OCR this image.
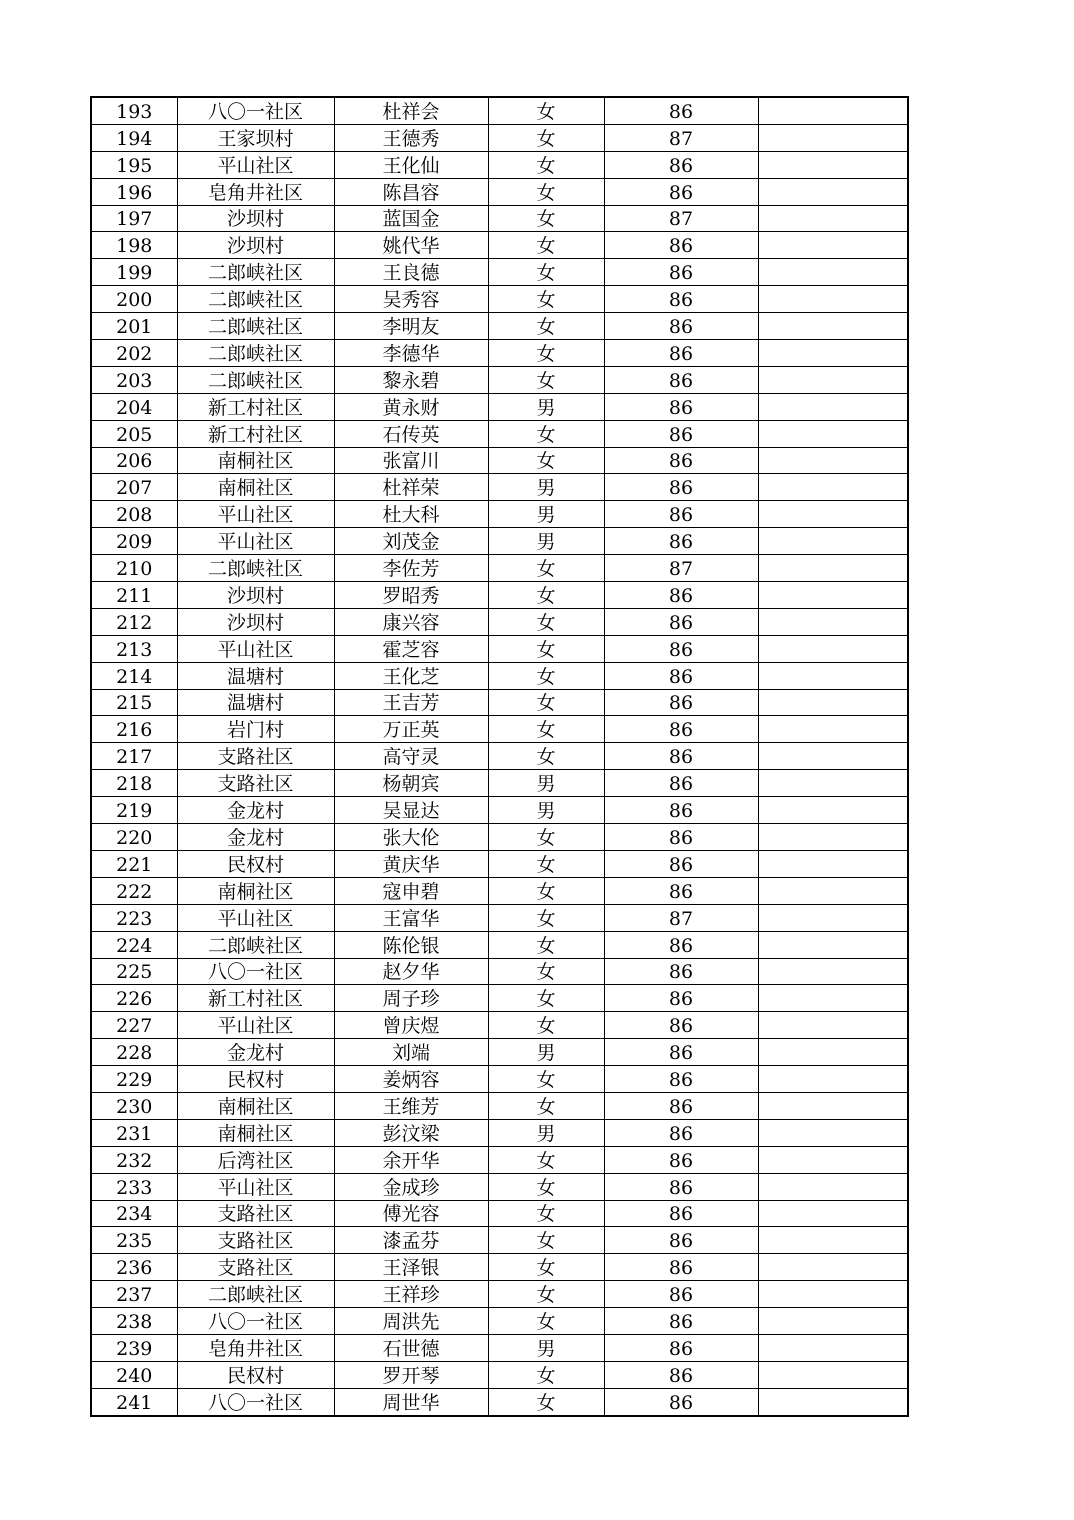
193	八〇一社区	杜祥会	女	86	
194	王家坝村	王德秀	女	87	
195	平山社区	王化仙	女	86	
196	皂角井社区	陈昌容	女	86	
197	沙坝村	蓝国金	女	87	
198	沙坝村	姚代华	女	86	
199	二郎峡社区	王良德	女	86	
200	二郎峡社区	吴秀容	女	86	
201	二郎峡社区	李明友	女	86	
202	二郎峡社区	李德华	女	86	
203	二郎峡社区	黎永碧	女	86	
204	新工村社区	黄永财	男	86	
205	新工村社区	石传英	女	86	
206	南桐社区	张富川	女	86	
207	南桐社区	杜祥荣	男	86	
208	平山社区	杜大科	男	86	
209	平山社区	刘茂金	男	86	
210	二郎峡社区	李佐芳	女	87	
211	沙坝村	罗昭秀	女	86	
212	沙坝村	康兴容	女	86	
213	平山社区	霍芝容	女	86	
214	温塘村	王化芝	女	86	
215	温塘村	王吉芳	女	86	
216	岩门村	万正英	女	86	
217	支路社区	高守灵	女	86	
218	支路社区	杨朝宾	男	86	
219	金龙村	吴显达	男	86	
220	金龙村	张大伦	女	86	
221	民权村	黄庆华	女	86	
222	南桐社区	寇申碧	女	86	
223	平山社区	王富华	女	87	
224	二郎峡社区	陈伦银	女	86	
225	八〇一社区	赵夕华	女	86	
226	新工村社区	周子珍	女	86	
227	平山社区	曾庆煜	女	86	
228	金龙村	刘端	男	86	
229	民权村	姜炳容	女	86	
230	南桐社区	王维芳	女	86	
231	南桐社区	彭汶梁	男	86	
232	后湾社区	余开华	女	86	
233	平山社区	金成珍	女	86	
234	支路社区	傅光容	女	86	
235	支路社区	漆孟芬	女	86	
236	支路社区	王泽银	女	86	
237	二郎峡社区	王祥珍	女	86	
238	八〇一社区	周洪先	女	86	
239	皂角井社区	石世德	男	86	
240	民权村	罗开琴	女	86	
241	八〇一社区	周世华	女	86	
